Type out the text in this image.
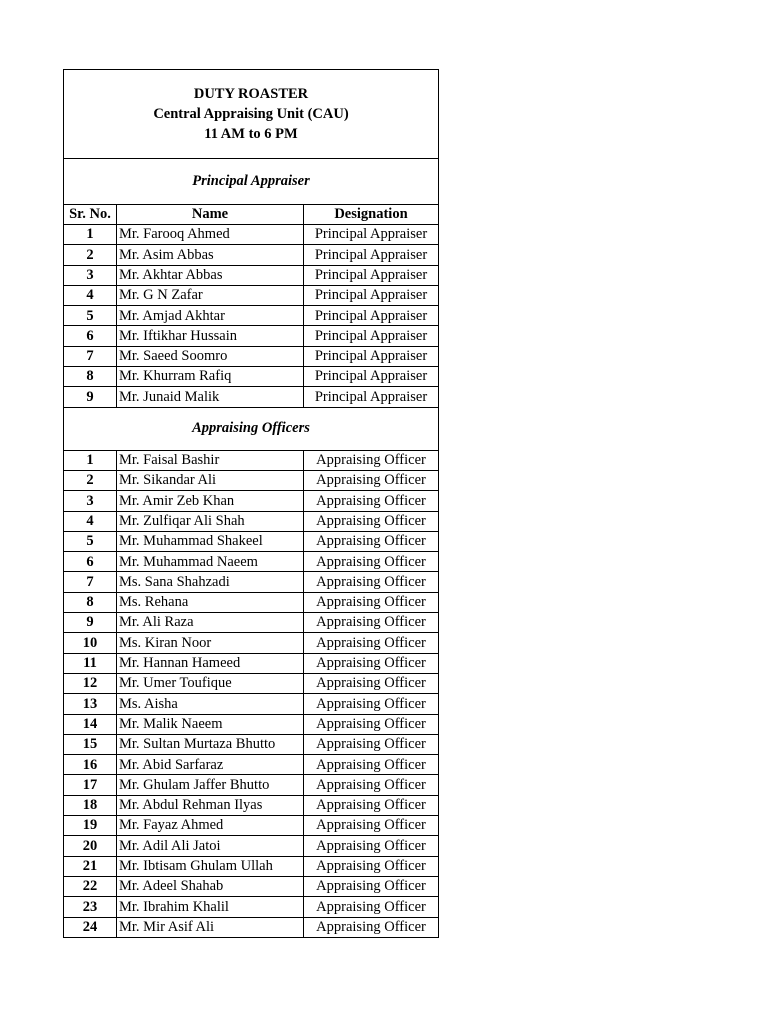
DUTY ROASTER
Central Appraising Unit (CAU)
11 AM to 6 PM		

Principal Appraiser		
Sr. No.	Name	Designation
1	Mr. Farooq Ahmed	Principal Appraiser
2	Mr. Asim Abbas	Principal Appraiser
3	Mr. Akhtar Abbas	Principal Appraiser
4	Mr. G N Zafar	Principal Appraiser
5	Mr. Amjad Akhtar	Principal Appraiser
6	Mr. Iftikhar Hussain	Principal Appraiser
7	Mr. Saeed Soomro	Principal Appraiser
8	Mr. Khurram Rafiq	Principal Appraiser
9	Mr. Junaid Malik	Principal Appraiser
Appraising Officers		
1	Mr. Faisal Bashir	Appraising Officer
2	Mr. Sikandar Ali	Appraising Officer
3	Mr. Amir Zeb Khan	Appraising Officer
4	Mr. Zulfiqar Ali Shah	Appraising Officer
5	Mr. Muhammad Shakeel	Appraising Officer
6	Mr. Muhammad Naeem	Appraising Officer
7	Ms. Sana Shahzadi	Appraising Officer
8	Ms. Rehana	Appraising Officer
9	Mr. Ali Raza	Appraising Officer
10	Ms. Kiran Noor	Appraising Officer
11	Mr. Hannan Hameed	Appraising Officer
12	Mr. Umer Toufique	Appraising Officer
13	Ms. Aisha	Appraising Officer
14	Mr. Malik Naeem	Appraising Officer
15	Mr. Sultan Murtaza Bhutto	Appraising Officer
16	Mr. Abid Sarfaraz	Appraising Officer
17	Mr. Ghulam Jaffer Bhutto	Appraising Officer
18	Mr. Abdul Rehman Ilyas	Appraising Officer
19	Mr. Fayaz Ahmed	Appraising Officer
20	Mr. Adil Ali Jatoi	Appraising Officer
21	Mr. Ibtisam Ghulam Ullah	Appraising Officer
22	Mr. Adeel Shahab	Appraising Officer
23	Mr. Ibrahim Khalil	Appraising Officer
24	Mr. Mir Asif Ali	Appraising Officer
